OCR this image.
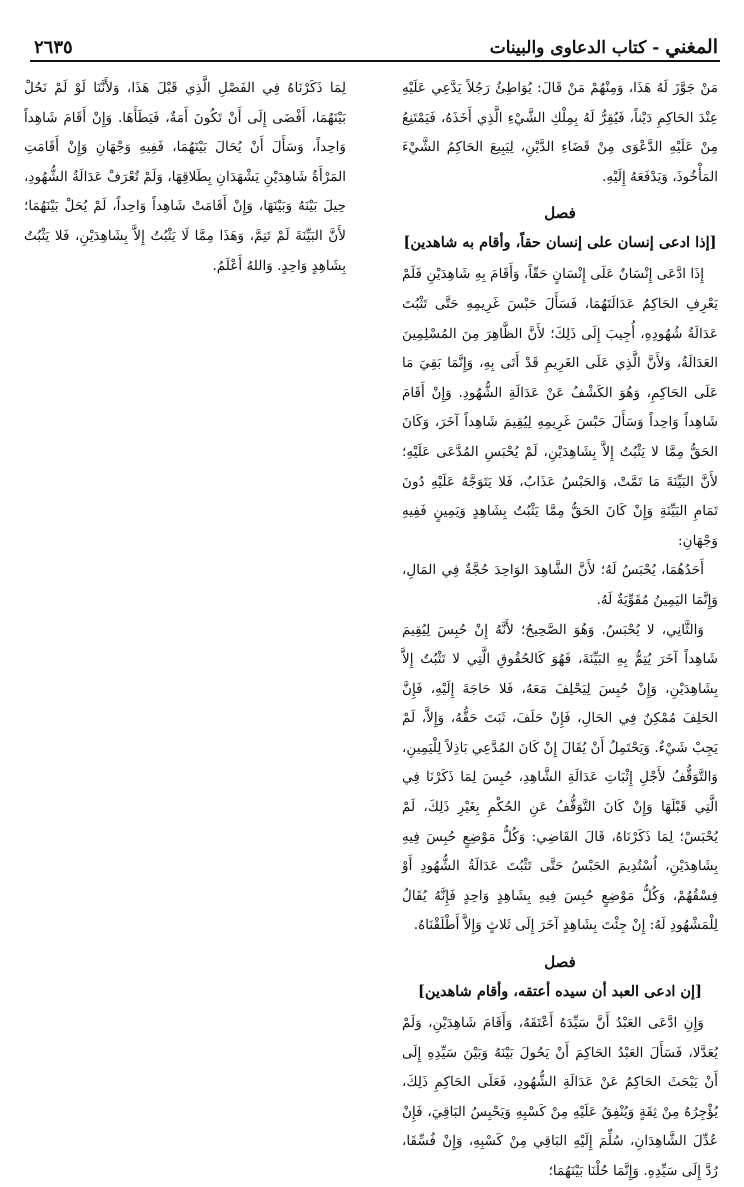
المغني - كتاب الدعاوى والبينات
٢٦٣٥

مَنْ جَوَّزَ لَهُ هَذَا، وَمِنْهُمْ مَنْ قَالَ: يُوَاطِئُ رَجُلاً يَدَّعِي عَلَيْهِ عِنْدَ الحَاكِمِ دَيْناً، فَيُقِرُّ لَهُ بِمِلْكِ الشَّيْءِ الَّذِي أَخَذَهُ، فَيَمْتَنِعُ مِنْ عَلَيْهِ الدَّعْوَى مِنْ قَضَاءِ الدَّيْنِ، لِيَبِيعَ الحَاكِمُ الشَّيْءَ المَأْخُوذَ، وَيَدْفَعَهُ إِلَيْهِ.

فصل
[إذا ادعى إنسان على إنسان حقاً، وأقام به شاهدين]

إِذَا ادَّعَى إِنْسَانٌ عَلَى إِنْسَانٍ حَقّاً، وَأَقَامَ بِهِ شَاهِدَيْنِ فَلَمْ يَعْرِفِ الحَاكِمُ عَدَالَتَهُمَا، فَسَأَلَ حَبْسَ غَرِيمِهِ حَتَّى تَثْبُتَ عَدَالَةُ شُهُودِهِ، أُجِيبَ إِلَى ذَلِكَ؛ لأَنَّ الظَّاهِرَ مِنَ المُسْلِمِينَ العَدَالَةُ، وَلأَنَّ الَّذِي عَلَى الغَرِيمِ قَدْ أَتَى بِهِ، وَإِنَّمَا بَقِيَ مَا عَلَى الحَاكِمِ، وَهُوَ الكَشْفُ عَنْ عَدَالَةِ الشُّهُودِ. وَإِنْ أَقَامَ شَاهِداً وَاحِداً وَسَأَلَ حَبْسَ غَرِيمِهِ لِيُقِيمَ شَاهِداً آخَرَ، وَكَانَ الحَقُّ مِمَّا لا يَثْبُتُ إِلاَّ بِشَاهِدَيْنِ، لَمْ يُحْبَسِ المُدَّعَى عَلَيْهِ؛ لأَنَّ البَيِّنَةَ مَا تَمَّتْ، وَالحَبْسُ عَذَابٌ، فَلا يَتَوَجَّهُ عَلَيْهِ دُونَ تَمَامِ البَيِّنَةِ وَإِنْ كَانَ الحَقُّ مِمَّا يَثْبُتُ بِشَاهِدٍ وَيَمِينٍ فَفِيهِ وَجْهَانِ:

أَحَدُهُمَا، يُحْبَسُ لَهُ؛ لأَنَّ الشَّاهِدَ الوَاحِدَ حُجَّةٌ فِي المَالِ، وَإِنَّمَا اليَمِينُ مُقَوِّيَةٌ لَهُ.

وَالثَّانِي، لا يُحْبَسُ. وَهُوَ الصَّحِيحُ؛ لأَنَّهُ إِنْ حُبِسَ لِيُقِيمَ شَاهِداً آخَرَ يُتِمُّ بِهِ البَيِّنَةَ، فَهُوَ كَالحُقُوقِ الَّتِي لا تَثْبُتُ إِلاَّ بِشَاهِدَيْنِ، وَإِنْ حُبِسَ لِيَحْلِفَ مَعَهُ، فَلا حَاجَةَ إِلَيْهِ، فَإِنَّ الحَلِفَ مُمْكِنٌ فِي الحَالِ، فَإِنْ حَلَفَ، ثَبَتَ حَقُّهُ، وَإِلاَّ، لَمْ يَجِبْ شَيْءٌ. وَيَحْتَمِلُ أَنْ يُقَالَ إِنْ كَانَ المُدَّعِي بَاذِلاً لِلْيَمِينِ، وَالتَّوَقُّفُ لأَجْلِ إِثْبَاتِ عَدَالَةِ الشَّاهِدِ، حُبِسَ لِمَا ذَكَرْنَا فِي الَّتِي قَبْلَهَا وَإِنْ كَانَ التَّوَقُّفُ عَنِ الحُكْمِ بِغَيْرِ ذَلِكَ، لَمْ يُحْبَسْ؛ لِمَا ذَكَرْنَاهُ، قَالَ القَاضِي: وَكُلُّ مَوْضِعٍ حُبِسَ فِيهِ بِشَاهِدَيْنِ، اُسْتُدِيمَ الحَبْسُ حَتَّى تَثْبُتَ عَدَالَةُ الشُّهُودِ أَوْ فِسْقُهُمْ، وَكُلُّ مَوْضِعٍ حُبِسَ فِيهِ بِشَاهِدٍ وَاحِدٍ فَإِنَّهُ يُقَالُ لِلْمَشْهُودِ لَهُ: إِنْ جِئْتَ بِشَاهِدٍ آخَرَ إِلَى ثَلاثٍ وَإِلاَّ أَطْلَقْنَاهُ.

فصل
[إن ادعى العبد أن سيده أعتقه، وأقام شاهدين]

وَإِنِ ادَّعَى العَبْدُ أَنَّ سَيِّدَهُ أَعْتَقَهُ، وَأَقَامَ شَاهِدَيْنِ، وَلَمْ يُعَدَّلا، فَسَأَلَ العَبْدُ الحَاكِمَ أَنْ يَحُولَ بَيْنَهُ وَبَيْنَ سَيِّدِهِ إِلَى أَنْ يَبْحَثَ الحَاكِمُ عَنْ عَدَالَةِ الشُّهُودِ، فَعَلَى الحَاكِمِ ذَلِكَ، يُؤْجِرُهُ مِنْ ثِقَةٍ وَيُنْفِقُ عَلَيْهِ مِنْ كَسْبِهِ وَيَحْبِسُ البَاقِيَ، فَإِنْ عُدِّلَ الشَّاهِدَانِ، سُلِّمَ إِلَيْهِ البَاقِي مِنْ كَسْبِهِ، وَإِنْ فُسِّقَا، رُدَّ إِلَى سَيِّدِهِ. وَإِنَّمَا حُلْنَا بَيْنَهُمَا؛

لِمَا ذَكَرْنَاهُ فِي الفَصْلِ الَّذِي قَبْلَ هَذَا، وَلأَنَّنَا لَوْ لَمْ نَحُلْ بَيْنَهُمَا، أَفْضَى إِلَى أَنْ تَكُونَ أَمَةٌ، فَيَطَأَهَا. وَإِنْ أَقَامَ شَاهِداً وَاحِداً، وَسَأَلَ أَنْ يُحَالَ بَيْنَهُمَا، فَفِيهِ وَجْهَانِ وَإِنْ أَقَامَتِ المَرْأَةُ شَاهِدَيْنِ يَشْهَدَانِ بِطَلاقِهَا، وَلَمْ تُعْرَفْ عَدَالَةُ الشُّهُودِ، حِيلَ بَيْنَهُ وَبَيْنَهَا، وَإِنْ أَقَامَتْ شَاهِداً وَاحِداً، لَمْ يُحَلْ بَيْنَهُمَا؛ لأَنَّ البَيِّنَةَ لَمْ تَتِمَّ، وَهَذَا مِمَّا لَا يَثْبُتُ إِلاَّ بِشَاهِدَيْنِ، فَلا يَثْبُتُ بِشَاهِدٍ وَاحِدٍ. وَاللهُ أَعْلَمُ.
